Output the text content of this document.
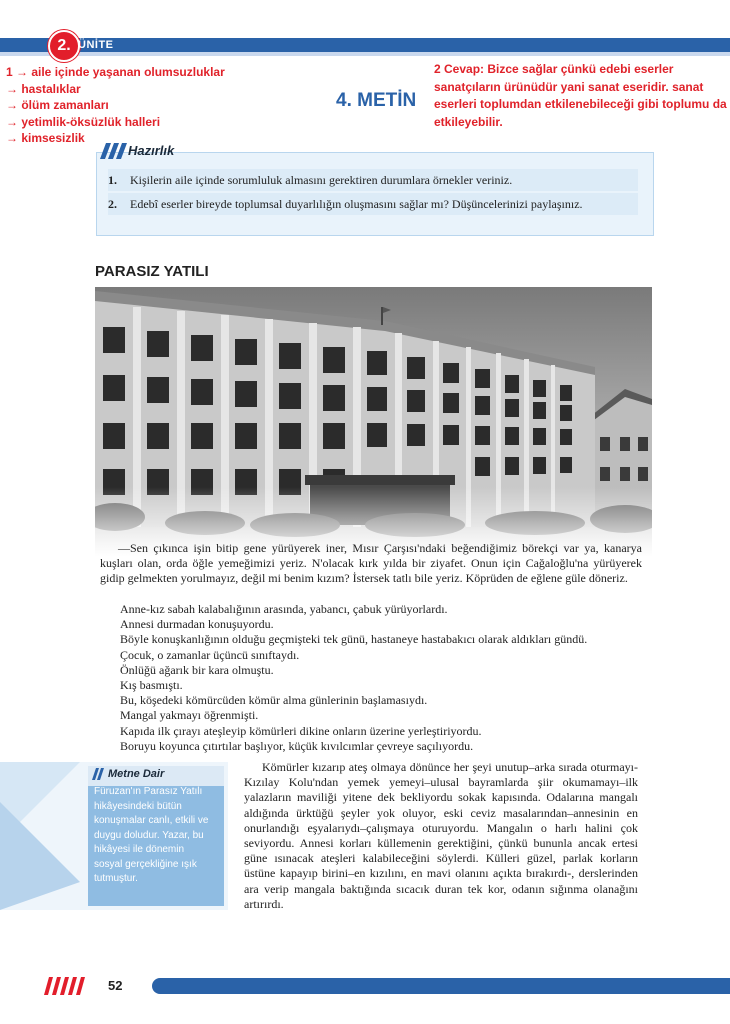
2. ÜNİTE
1 → aile içinde yaşanan olumsuzluklar
→ hastalıklar
→ ölüm zamanları
→ yetimlik-öksüzlük halleri
→ kimsesizlik
2 Cevap: Bizce sağlar çünkü edebi eserler
sanatçıların ürünüdür yani sanat eseridir. sanat
eserleri toplumdan etkilenebileceği gibi toplumu da
etkileyebilir.
4. METİN
Hazırlık
1. Kişilerin aile içinde sorumluluk almasını gerektiren durumlara örnekler veriniz.
2. Edebî eserler bireyde toplumsal duyarlılığın oluşmasını sağlar mı? Düşüncelerinizi paylaşınız.
PARASIZ YATILI
—Sen çıkınca işin bitip gene yürüyerek iner, Mısır Çarşısı'ndaki beğendiğimiz börekçi var ya, kanarya kuşları olan, orda öğle yemeğimizi yeriz. N'olacak kırk yılda bir ziyafet. Onun için Cağaloğlu'na yürüyerek gidip gelmekten yorulmayız, değil mi benim kızım? İstersek tatlı bile yeriz. Köprüden de eğlene güle döneriz.
Anne-kız sabah kalabalığının arasında, yabancı, çabuk yürüyorlardı.
Annesi durmadan konuşuyordu.
Böyle konuşkanlığının olduğu geçmişteki tek günü, hastaneye hastabakıcı olarak aldıkları gündü.
Çocuk, o zamanlar üçüncü sınıftaydı.
Önlüğü ağarık bir kara olmuştu.
Kış basmıştı.
Bu, köşedeki kömürcüden kömür alma günlerinin başlamasıydı.
Mangal yakmayı öğrenmişti.
Kapıda ilk çırayı ateşleyip kömürleri dikine onların üzerine yerleştiriyordu.
Boruyu koyunca çıtırtılar başlıyor, küçük kıvılcımlar çevreye saçılıyordu.
Kömürler kızarıp ateş olmaya dönünce her şeyi unutup–arka sırada oturmayı-Kızılay Kolu'ndan yemek yemeyi–ulusal bayramlarda şiir okumamayı–ilk yalazların maviliği yitene dek bekliyordu sokak kapısında. Odalarına mangalı aldığında ürktüğü şeyler yok oluyor, eski ceviz masalarından–annesinin en onurlandığı eşyalarıydı–çalışmaya oturuyordu. Mangalın o harlı halini çok seviyordu. Annesi korları küllemenin gerektiğini, çünkü bununla ancak ertesi güne ısınacak ateşleri kalabileceğini söylerdi. Külleri güzel, parlak korların üstüne kapayıp birini–en kızılını, en mavi olanını açıkta bırakırdı-, derslerinden ara verip mangala baktığında sıcacık duran tek kor, odanın sığınma olanağını artırırdı.
Metne Dair
Füruzan'ın Parasız Yatılı hikâyesindeki bütün konuşmalar canlı, etkili ve duygu doludur. Yazar, bu hikâyesi ile dönemin sosyal gerçekliğine ışık tutmuştur.
52
